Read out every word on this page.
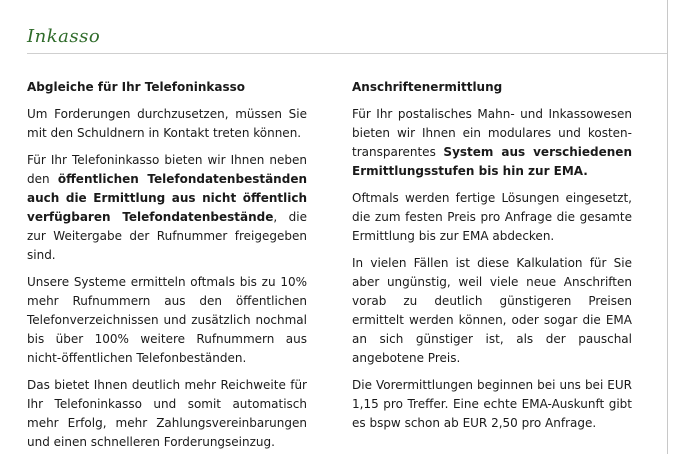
Inkasso
Abgleiche für Ihr Telefoninkasso

Um Forderungen durchzusetzen, müssen Sie mit den Schuldnern in Kontakt treten können.

Für Ihr Telefoninkasso bieten wir Ihnen neben den öffentlichen Telefondatenbeständen auch die Ermittlung aus nicht öffentlich verfügbaren Telefondatenbestände, die zur Weitergabe der Rufnummer freigegeben sind.

Unsere Systeme ermitteln oftmals bis zu 10% mehr Rufnummern aus den öffentlichen Telefonverzeichnissen und zusätzlich nochmal bis über 100% weitere Rufnummern aus nicht-öffentlichen Telefonbeständen.

Das bietet Ihnen deutlich mehr Reichweite für Ihr Telefoninkasso und somit automatisch mehr Erfolg, mehr Zahlungsvereinbarungen und einen schnelleren Forderungseinzug.

Anschriftenermittlung

Für Ihr postalisches Mahn- und Inkassowesen bieten wir Ihnen ein modulares und kosten-transparentes System aus verschiedenen Ermittlungsstufen bis hin zur EMA.

Oftmals werden fertige Lösungen eingesetzt, die zum festen Preis pro Anfrage die gesamte Ermittlung bis zur EMA abdecken.

In vielen Fällen ist diese Kalkulation für Sie aber ungünstig, weil viele neue Anschriften vorab zu deutlich günstigeren Preisen ermittelt werden können, oder sogar die EMA an sich günstiger ist, als der pauschal angebotene Preis.

Die Vorermittlungen beginnen bei uns bei EUR 1,15 pro Treffer. Eine echte EMA-Auskunft gibt es bspw schon ab EUR 2,50 pro Anfrage.
